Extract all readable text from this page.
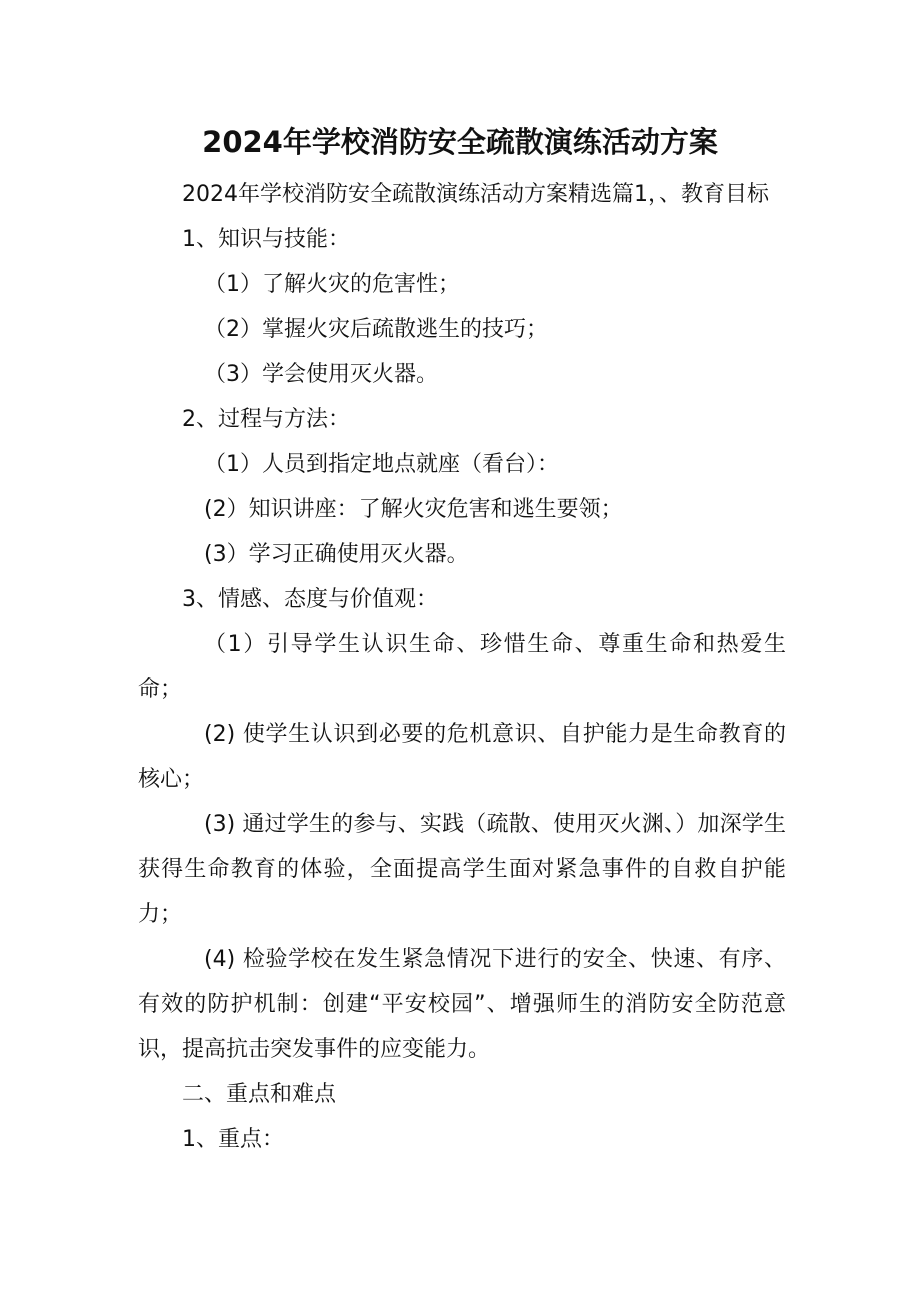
2024年学校消防安全疏散演练活动方案

2024年学校消防安全疏散演练活动方案精选篇1，、教育目标

1、知识与技能：

（1）了解火灾的危害性；

（2）掌握火灾后疏散逃生的技巧；

（3）学会使用灭火器。

2、过程与方法：

（1）人员到指定地点就座（看台）：

(2）知识讲座：了解火灾危害和逃生要领；

(3）学习正确使用灭火器。

3、情感、态度与价值观：

（1）引导学生认识生命、珍惜生命、尊重生命和热爱生命；

(2) 使学生认识到必要的危机意识、自护能力是生命教育的核心；

(3) 通过学生的参与、实践（疏散、使用灭火渊、）加深学生获得生命教育的体验，全面提高学生面对紧急事件的自救自护能力；

(4) 检验学校在发生紧急情况下进行的安全、快速、有序、有效的防护机制：创建“平安校园”、增强师生的消防安全防范意识，提高抗击突发事件的应变能力。

二、重点和难点

1、重点：
